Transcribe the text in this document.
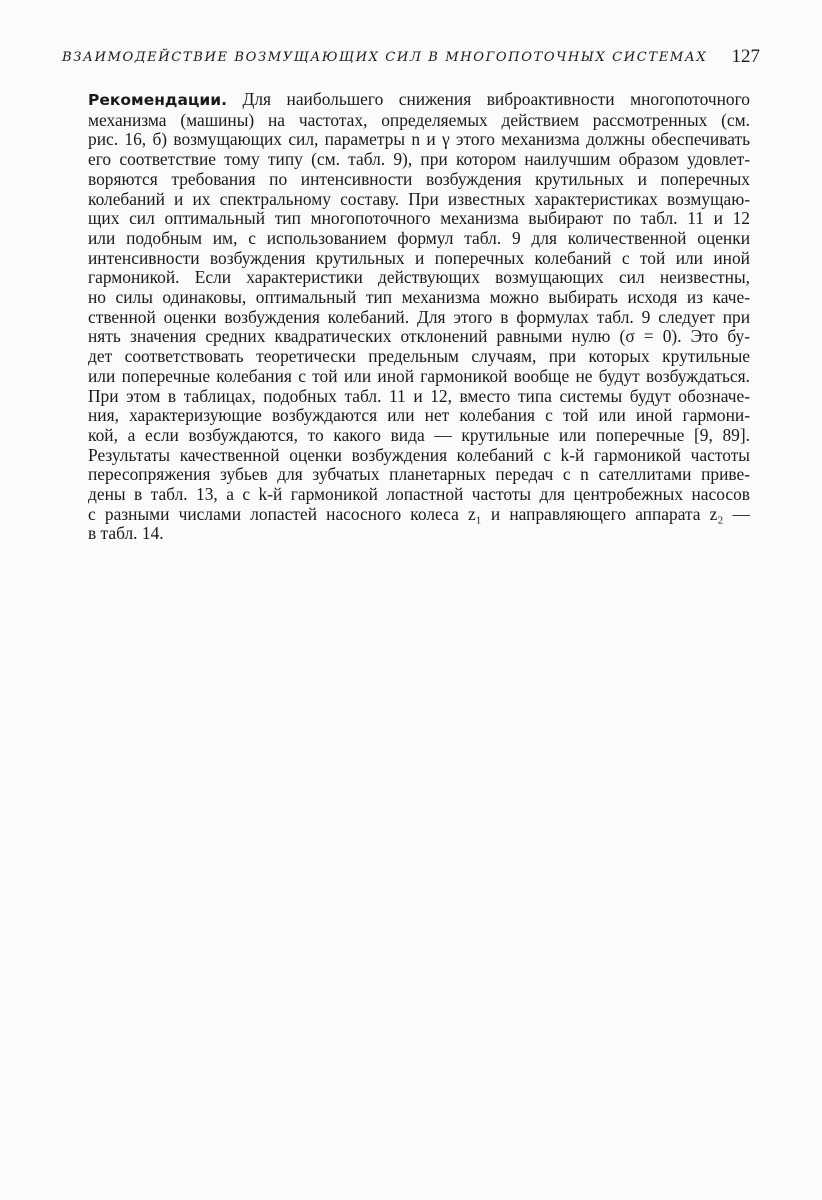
ВЗАИМОДЕЙСТВИЕ ВОЗМУЩАЮЩИХ СИЛ В МНОГОПОТОЧНЫХ СИСТЕМАХ 127
Рекомендации. Для наибольшего снижения виброактивности многопоточного
механизма (машины) на частотах, определяемых действием рассмотренных (см.
рис. 16, б) возмущающих сил, параметры n и γ этого механизма должны обеспечивать
его соответствие тому типу (см. табл. 9), при котором наилучшим образом удовлет-
воряются требования по интенсивности возбуждения крутильных и поперечных
колебаний и их спектральному составу. При известных характеристиках возмущаю-
щих сил оптимальный тип многопоточного механизма выбирают по табл. 11 и 12
или подобным им, с использованием формул табл. 9 для количественной оценки
интенсивности возбуждения крутильных и поперечных колебаний с той или иной
гармоникой. Если характеристики действующих возмущающих сил неизвестны,
но силы одинаковы, оптимальный тип механизма можно выбирать исходя из каче-
ственной оценки возбуждения колебаний. Для этого в формулах табл. 9 следует при
нять значения средних квадратических отклонений равными нулю (σ = 0). Это бу-
дет соответствовать теоретически предельным случаям, при которых крутильные
или поперечные колебания с той или иной гармоникой вообще не будут возбуждаться.
При этом в таблицах, подобных табл. 11 и 12, вместо типа системы будут обозначе-
ния, характеризующие возбуждаются или нет колебания с той или иной гармони-
кой, а если возбуждаются, то какого вида — крутильные или поперечные [9, 89].
Результаты качественной оценки возбуждения колебаний с k-й гармоникой частоты
пересопряжения зубьев для зубчатых планетарных передач с n сателлитами приве-
дены в табл. 13, а с k-й гармоникой лопастной частоты для центробежных насосов
с разными числами лопастей насосного колеса z₁ и направляющего аппарата z₂ —
в табл. 14.
